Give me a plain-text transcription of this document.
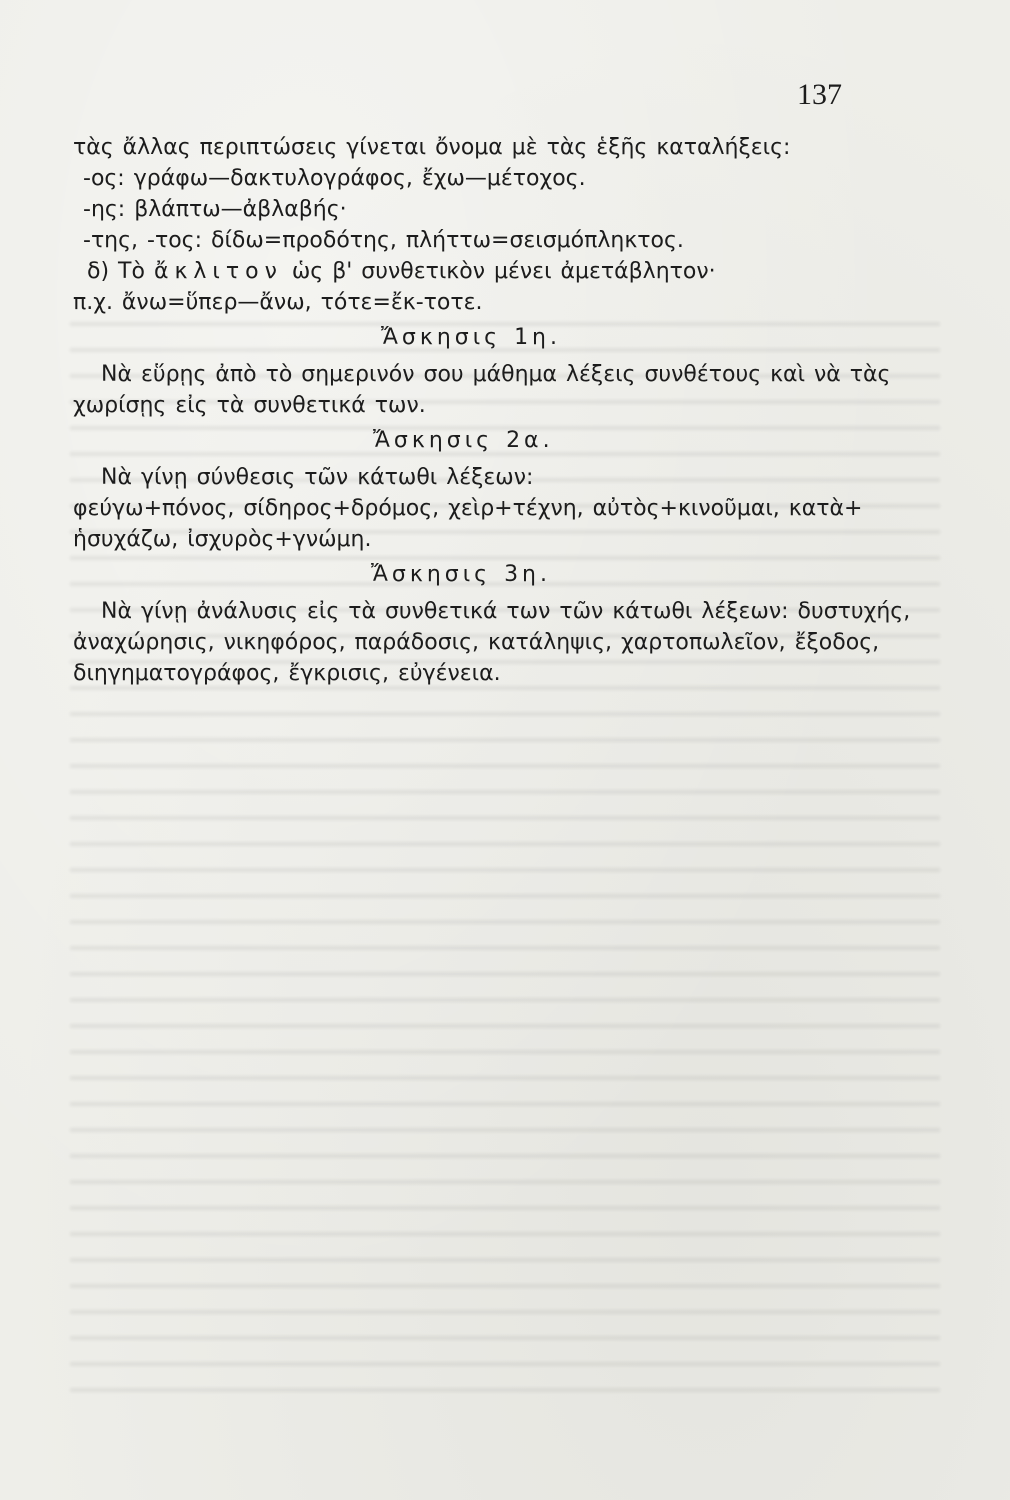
137
τὰς ἄλλας περιπτώσεις γίνεται ὄνομα μὲ τὰς ἑξῆς καταλήξεις:
-ος: γράφω—δακτυλογράφος, ἔχω—μέτοχος.
-ης: βλάπτω—ἀβλαβής·
-της, -τος: δίδω=προδότης, πλήττω=σεισμόπληκτος.
δ) Τὸ ἄκλιτον ὡς β' συνθετικὸν μένει ἀμετάβλητον·
π.χ. ἄνω=ὕπερ—ἄνω, τότε=ἔκ-τοτε.
Ἄσκησις 1η.
Νὰ εὕρῃς ἀπὸ τὸ σημερινόν σου μάθημα λέξεις συνθέτους καὶ νὰ τὰς
χωρίσῃς εἰς τὰ συνθετικά των.
Ἄσκησις 2α.
Νὰ γίνῃ σύνθεσις τῶν κάτωθι λέξεων:
φεύγω+πόνος, σίδηρος+δρόμος, χεὶρ+τέχνη, αὐτὸς+κινοῦμαι, κατὰ+
ἡσυχάζω, ἰσχυρὸς+γνώμη.
Ἄσκησις 3η.
Νὰ γίνῃ ἀνάλυσις εἰς τὰ συνθετικά των τῶν κάτωθι λέξεων: δυστυχής,
ἀναχώρησις, νικηφόρος, παράδοσις, κατάληψις, χαρτοπωλεῖον, ἔξοδος,
διηγηματογράφος, ἔγκρισις, εὐγένεια.
